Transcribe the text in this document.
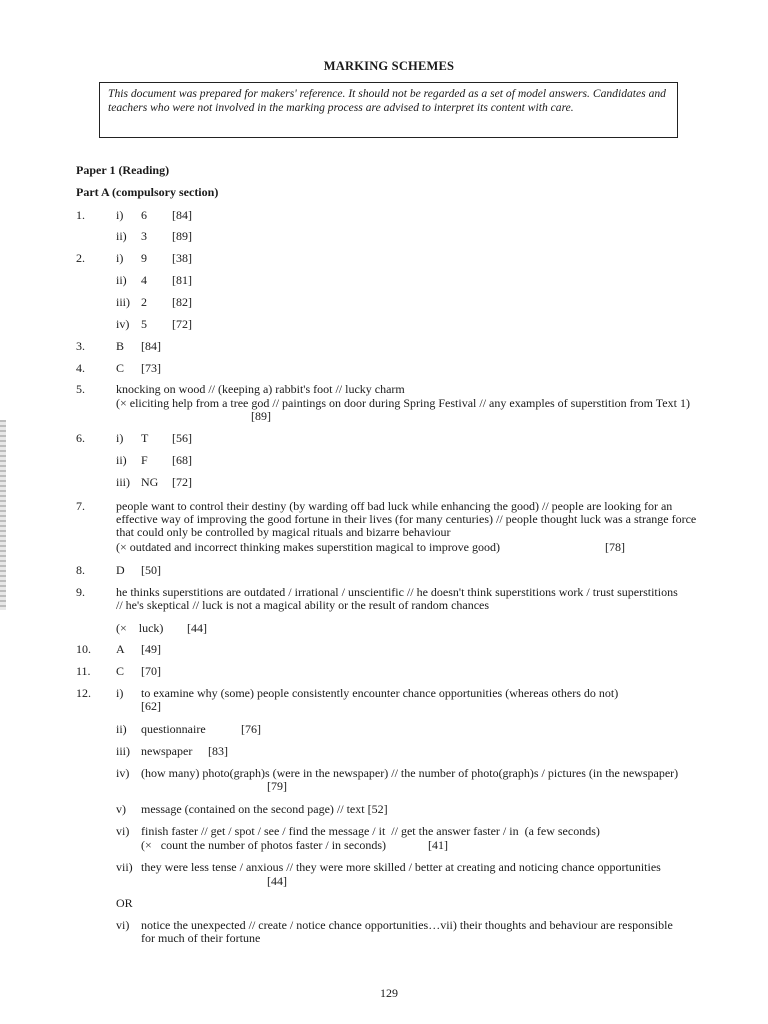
MARKING SCHEMES
This document was prepared for makers' reference. It should not be regarded as a set of model answers. Candidates and teachers who were not involved in the marking process are advised to interpret its content with care.
Paper 1 (Reading)
Part A (compulsory section)
1.	i) 6 [84]
ii) 3 [89]
2.	i) 9 [38]
ii) 4 [81]
iii) 2 [82]
iv) 5 [72]
3.	B [84]
4.	C [73]
5.	knocking on wood // (keeping a) rabbit's foot // lucky charm
(× eliciting help from a tree god // paintings on door during Spring Festival // any examples of superstition from Text 1)
[89]
6.	i) T [56]
ii) F [68]
iii) NG [72]
7.	people want to control their destiny (by warding off bad luck while enhancing the good) // people are looking for an effective way of improving the good fortune in their lives (for many centuries) // people thought luck was a strange force that could only be controlled by magical rituals and bizarre behaviour
(× outdated and incorrect thinking makes superstition magical to improve good)	[78]
8.	D [50]
9.	he thinks superstitions are outdated / irrational / unscientific // he doesn't think superstitions work / trust superstitions // he's skeptical // luck is not a magical ability or the result of random chances
(×    luck) [44]
10. A [49]
11. C [70]
12. i) to examine why (some) people consistently encounter chance opportunities (whereas others do not)
[62]
ii) questionnaire	[76]
iii) newspaper [83]
iv) (how many) photo(graph)s (were in the newspaper) // the number of photo(graph)s / pictures (in the newspaper)
[79]
v) message (contained on the second page) // text [52]
vi) finish faster // get / spot / see / find the message / it  // get the answer faster / in  (a few seconds)
(×   count the number of photos faster / in seconds)	[41]
vii) they were less tense / anxious // they were more skilled / better at creating and noticing chance opportunities
[44]
OR
vi) notice the unexpected // create / notice chance opportunities…vii) their thoughts and behaviour are responsible for much of their fortune
129
